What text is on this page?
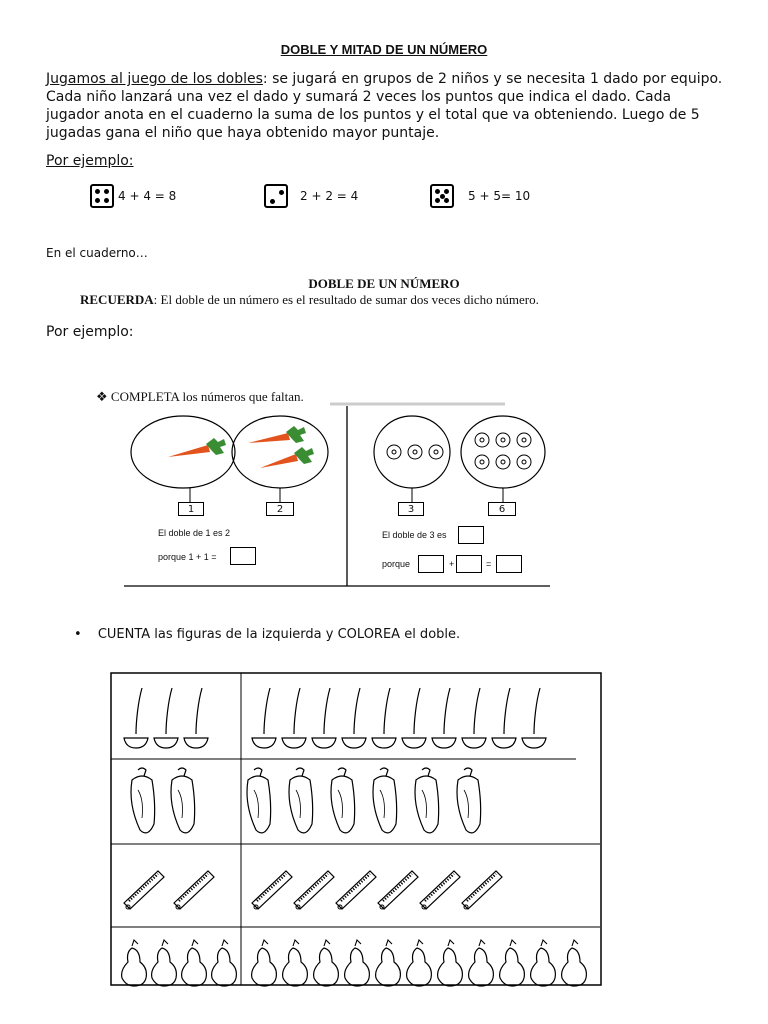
DOBLE Y MITAD DE UN NÚMERO
Jugamos al juego de los dobles: se jugará en grupos de 2 niños y se necesita 1 dado por equipo. Cada niño lanzará una vez el dado y sumará 2 veces los puntos que indica el dado. Cada jugador anota en el cuaderno la suma de los puntos y el total que va obteniendo. Luego de 5 jugadas gana el niño que haya obtenido mayor puntaje.
Por ejemplo:
4 + 4 = 8	2 + 2 = 4	5 + 5= 10
En el cuaderno…
DOBLE DE UN NÚMERO
RECUERDA: El doble de un número es el resultado de sumar dos veces dicho número.
Por ejemplo:
❖ COMPLETA los números que faltan.
1	2	3	6
El doble de 1 es 2
porque 1 + 1 =
El doble de 3 es
porque	+	=
• CUENTA las figuras de la izquierda y COLOREA el doble.
